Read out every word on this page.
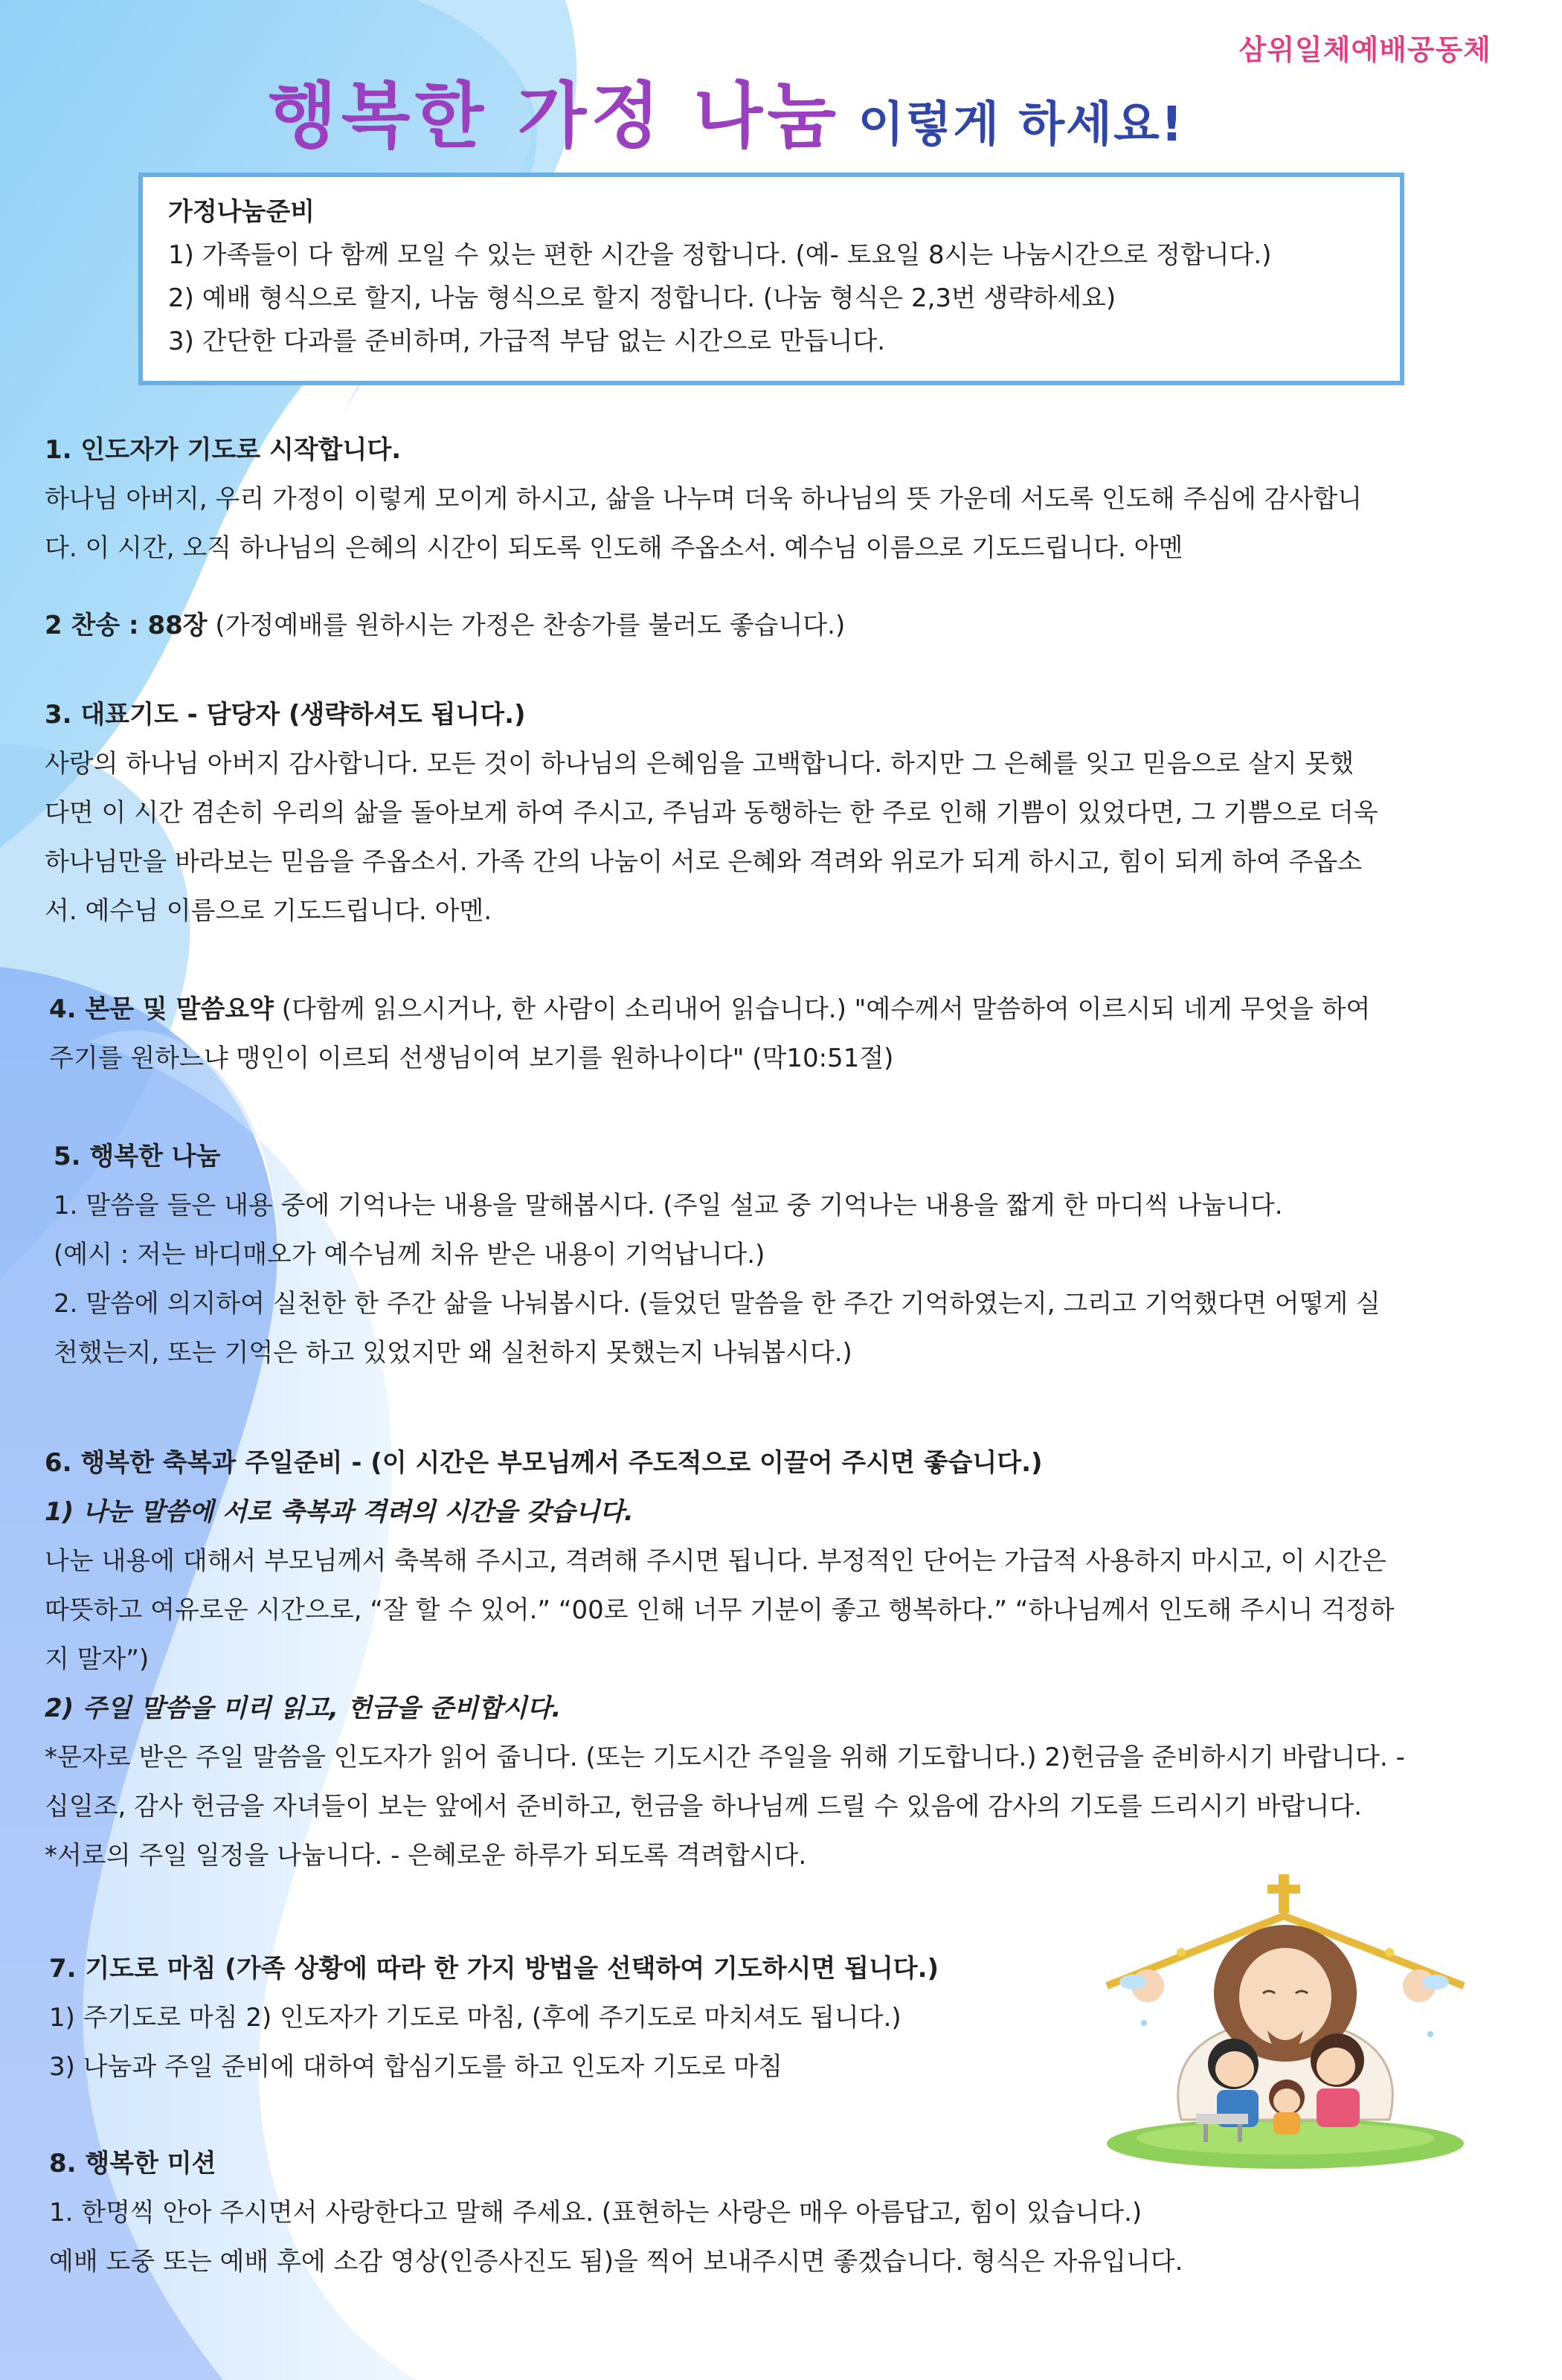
삼위일체예배공동체
행복한 가정 나눔 이렇게 하세요!
가정나눔준비
1) 가족들이 다 함께 모일 수 있는 편한 시간을 정합니다. (예- 토요일 8시는 나눔시간으로 정합니다.)
2) 예배 형식으로 할지, 나눔 형식으로 할지 정합니다. (나눔 형식은 2,3번 생략하세요)
3) 간단한 다과를 준비하며, 가급적 부담 없는 시간으로 만듭니다.

1. 인도자가 기도로 시작합니다.

하나님 아버지, 우리 가정이 이렇게 모이게 하시고, 삶을 나누며 더욱 하나님의 뜻 가운데 서도록 인도해 주심에 감사합니

다. 이 시간, 오직 하나님의 은혜의 시간이 되도록 인도해 주옵소서. 예수님 이름으로 기도드립니다. 아멘

2 찬송 : 88장 (가정예배를 원하시는 가정은 찬송가를 불러도 좋습니다.)

3. 대표기도 - 담당자 (생략하셔도 됩니다.)

사랑의 하나님 아버지 감사합니다. 모든 것이 하나님의 은혜임을 고백합니다. 하지만 그 은혜를 잊고 믿음으로 살지 못했

다면 이 시간 겸손히 우리의 삶을 돌아보게 하여 주시고, 주님과 동행하는 한 주로 인해 기쁨이 있었다면, 그 기쁨으로 더욱

하나님만을 바라보는 믿음을 주옵소서. 가족 간의 나눔이 서로 은혜와 격려와 위로가 되게 하시고, 힘이 되게 하여 주옵소

서. 예수님 이름으로 기도드립니다. 아멘.

4. 본문 및 말씀요약 (다함께 읽으시거나, 한 사람이 소리내어 읽습니다.) "예수께서 말씀하여 이르시되 네게 무엇을 하여

주기를 원하느냐 맹인이 이르되 선생님이여 보기를 원하나이다" (막10:51절)

5. 행복한 나눔

1. 말씀을 들은 내용 중에 기억나는 내용을 말해봅시다. (주일 설교 중 기억나는 내용을 짧게 한 마디씩 나눕니다.

(예시 : 저는 바디매오가 예수님께 치유 받은 내용이 기억납니다.)

2. 말씀에 의지하여 실천한 한 주간 삶을 나눠봅시다. (들었던 말씀을 한 주간 기억하였는지, 그리고 기억했다면 어떻게 실

천했는지, 또는 기억은 하고 있었지만 왜 실천하지 못했는지 나눠봅시다.)

6. 행복한 축복과 주일준비 - (이 시간은 부모님께서 주도적으로 이끌어 주시면 좋습니다.)

1) 나눈 말씀에 서로 축복과 격려의 시간을 갖습니다.

나눈 내용에 대해서 부모님께서 축복해 주시고, 격려해 주시면 됩니다. 부정적인 단어는 가급적 사용하지 마시고, 이 시간은

따뜻하고 여유로운 시간으로, “잘 할 수 있어.” “00로 인해 너무 기분이 좋고 행복하다.” “하나님께서 인도해 주시니 걱정하

지 말자”)

2) 주일 말씀을 미리 읽고, 헌금을 준비합시다.

*문자로 받은 주일 말씀을 인도자가 읽어 줍니다. (또는 기도시간 주일을 위해 기도합니다.) 2)헌금을 준비하시기 바랍니다. -

십일조, 감사 헌금을 자녀들이 보는 앞에서 준비하고, 헌금을 하나님께 드릴 수 있음에 감사의 기도를 드리시기 바랍니다.

*서로의 주일 일정을 나눕니다. - 은혜로운 하루가 되도록 격려합시다.

7. 기도로 마침 (가족 상황에 따라 한 가지 방법을 선택하여 기도하시면 됩니다.)

1) 주기도로 마침 2) 인도자가 기도로 마침, (후에 주기도로 마치셔도 됩니다.)

3) 나눔과 주일 준비에 대하여 합심기도를 하고 인도자 기도로 마침

8. 행복한 미션

1. 한명씩 안아 주시면서 사랑한다고 말해 주세요. (표현하는 사랑은 매우 아름답고, 힘이 있습니다.)

예배 도중 또는 예배 후에 소감 영상(인증사진도 됨)을 찍어 보내주시면 좋겠습니다. 형식은 자유입니다.
